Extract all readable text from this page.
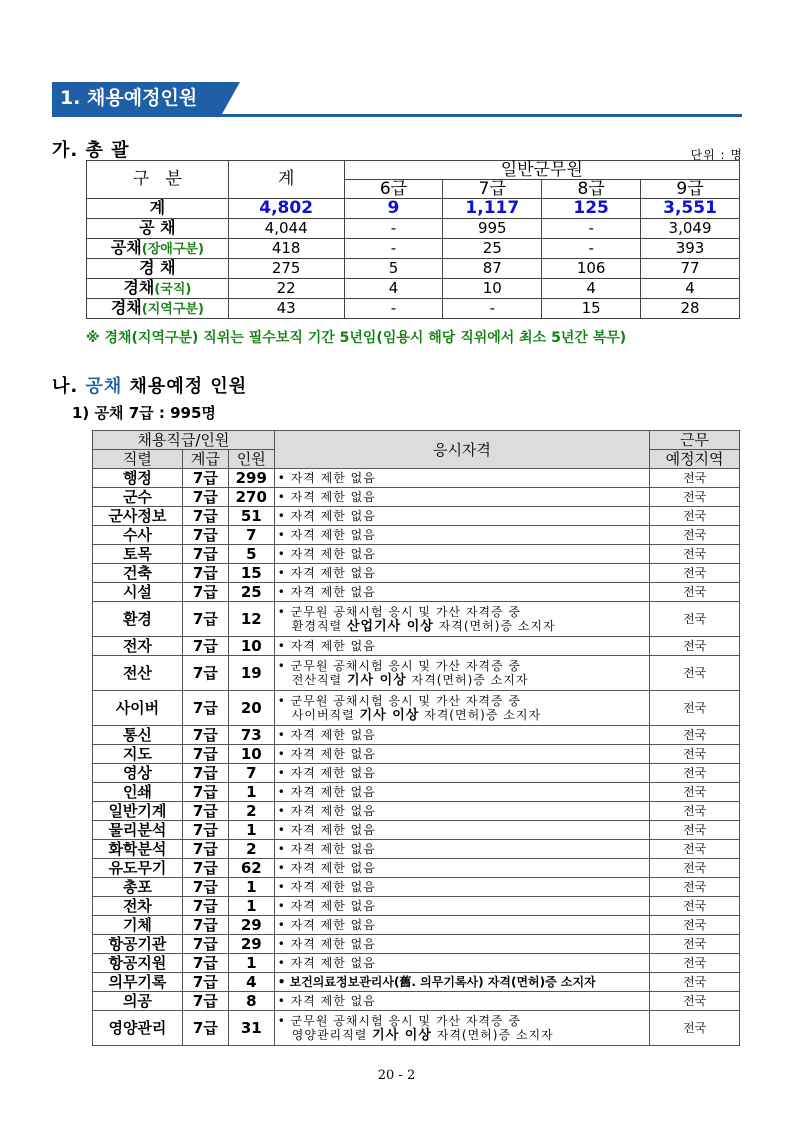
1. 채용예정인원
가. 총 괄	단위 : 명
구   분	계	일반군무원			
		6급	7급	8급	9급
계	4,802	9	1,117	125	3,551
공 채	4,044	-	995	-	3,049
공채(장애구분)	418	-	25	-	393
경 채	275	5	87	106	77
경채(국직)	22	4	10	4	4
경채(지역구분)	43	-	-	15	28
※ 경채(지역구분) 직위는 필수보직 기간 5년임(임용시 해당 직위에서 최소 5년간 복무)
나. 공채 채용예정 인원
1) 공채 7급 : 995명
채용직급/인원			응시자격	근무
직렬	계급	인원		예정지역
행정	7급	299	• 자격 제한 없음	전국
군수	7급	270	• 자격 제한 없음	전국
군사정보	7급	51	• 자격 제한 없음	전국
수사	7급	7	• 자격 제한 없음	전국
토목	7급	5	• 자격 제한 없음	전국
건축	7급	15	• 자격 제한 없음	전국
시설	7급	25	• 자격 제한 없음	전국
환경	7급	12	• 군무원 공채시험 응시 및 가산 자격증 중
환경직렬 산업기사 이상 자격(면허)증 소지자	전국
전자	7급	10	• 자격 제한 없음	전국
전산	7급	19	• 군무원 공채시험 응시 및 가산 자격증 중
전산직렬 기사 이상 자격(면허)증 소지자	전국
사이버	7급	20	• 군무원 공채시험 응시 및 가산 자격증 중
사이버직렬 기사 이상 자격(면허)증 소지자	전국
통신	7급	73	• 자격 제한 없음	전국
지도	7급	10	• 자격 제한 없음	전국
영상	7급	7	• 자격 제한 없음	전국
인쇄	7급	1	• 자격 제한 없음	전국
일반기계	7급	2	• 자격 제한 없음	전국
물리분석	7급	1	• 자격 제한 없음	전국
화학분석	7급	2	• 자격 제한 없음	전국
유도무기	7급	62	• 자격 제한 없음	전국
총포	7급	1	• 자격 제한 없음	전국
전차	7급	1	• 자격 제한 없음	전국
기체	7급	29	• 자격 제한 없음	전국
항공기관	7급	29	• 자격 제한 없음	전국
항공지원	7급	1	• 자격 제한 없음	전국
의무기록	7급	4	• 보건의료정보관리사(舊. 의무기록사) 자격(면허)증 소지자	전국
의공	7급	8	• 자격 제한 없음	전국
영양관리	7급	31	• 군무원 공채시험 응시 및 가산 자격증 중
영양관리직렬 기사 이상 자격(면허)증 소지자	전국
20 - 2
